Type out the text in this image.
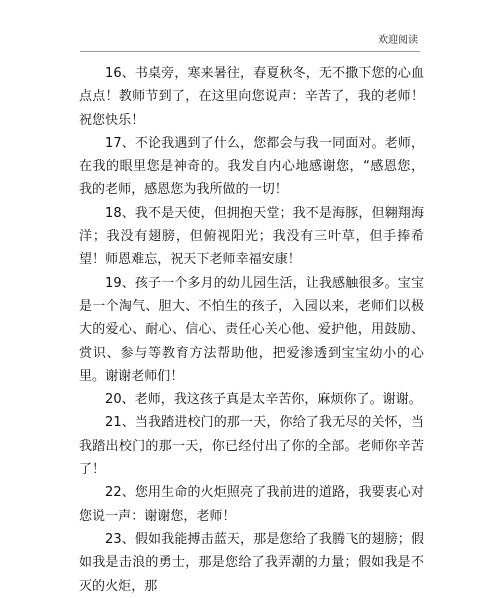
欢迎阅读

16、书桌旁，寒来暑往，春夏秋冬，无不撒下您的心血点点！教师节到了，在这里向您说声：辛苦了，我的老师！祝您快乐！

17、不论我遇到了什么，您都会与我一同面对。老师，在我的眼里您是神奇的。我发自内心地感谢您，“感恩您，我的老师，感恩您为我所做的一切！

18、我不是天使，但拥抱天堂；我不是海豚，但翱翔海洋；我没有翅膀，但俯视阳光；我没有三叶草，但手捧希望！师恩难忘，祝天下老师幸福安康！

19、孩子一个多月的幼儿园生活，让我感触很多。宝宝是一个淘气、胆大、不怕生的孩子，入园以来，老师们以极大的爱心、耐心、信心、责任心关心他、爱护他，用鼓励、赏识、参与等教育方法帮助他，把爱渗透到宝宝幼小的心里。谢谢老师们！

20、老师，我这孩子真是太辛苦你，麻烦你了。谢谢。

21、当我踏进校门的那一天，你给了我无尽的关怀，当我踏出校门的那一天，你已经付出了你的全部。老师你辛苦了！

22、您用生命的火炬照亮了我前进的道路，我要衷心对您说一声：谢谢您，老师！

23、假如我能搏击蓝天，那是您给了我腾飞的翅膀；假如我是击浪的勇士，那是您给了我弄潮的力量；假如我是不灭的火炬，那
